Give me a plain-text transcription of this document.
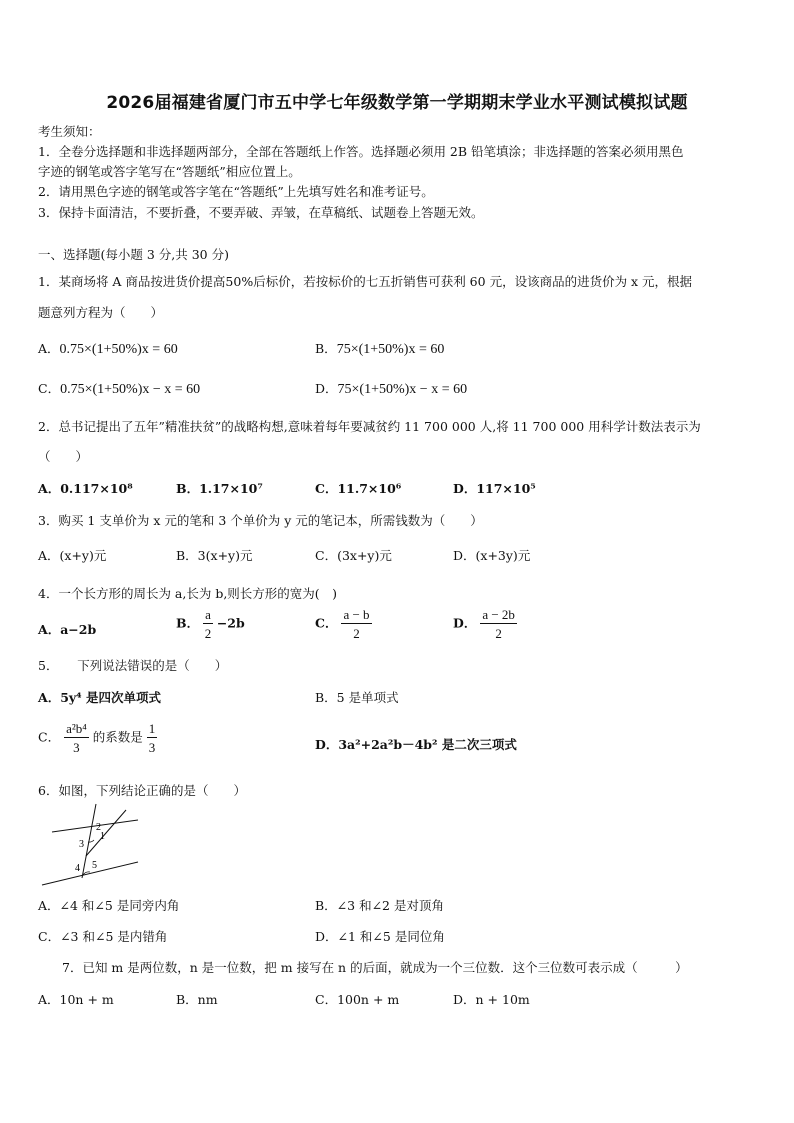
2026届福建省厦门市五中学七年级数学第一学期期末学业水平测试模拟试题
考生须知：
1．全卷分选择题和非选择题两部分，全部在答题纸上作答。选择题必须用 2B 铅笔填涂；非选择题的答案必须用黑色
字迹的钢笔或答字笔写在“答题纸”相应位置上。
2．请用黑色字迹的钢笔或答字笔在“答题纸”上先填写姓名和准考证号。
3．保持卡面清洁，不要折叠，不要弄破、弄皱，在草稿纸、试题卷上答题无效。
一、选择题(每小题 3 分,共 30 分)
1．某商场将 A 商品按进货价提高50%后标价，若按标价的七五折销售可获利 60 元，设该商品的进货价为 x 元，根据
题意列方程为（　　）
A．0.75×(1+50%)x = 60	B．75×(1+50%)x = 60
C．0.75×(1+50%)x − x = 60	D．75×(1+50%)x − x = 60
2．总书记提出了五年”精准扶贫”的战略构想,意味着每年要减贫约 11 700 000 人,将 11 700 000 用科学计数法表示为
（　　）
A．0.117×10⁸	B．1.17×10⁷	C．11.7×10⁶	D．117×10⁵
3．购买 1 支单价为 x 元的笔和 3 个单价为 y 元的笔记本，所需钱数为（　　）
A．(x+y)元	B．3(x+y)元	C．(3x+y)元	D．(x+3y)元
4．一个长方形的周长为 a,长为 b,则长方形的宽为(　)
A．a−2b	B． $\frac{a}{2} -2b$	C． $\frac{a - b}{2}$	D． $\frac{a - 2b}{2}$
5．　　下列说法错误的是（　　）
A．5y⁴ 是四次单项式	B．5 是单项式
C． $\frac{\text{a²b⁴}}{3}$ 的系数是 $\frac{1}{3}$	D．3a²+2a²b－4b² 是二次三项式
6．如图，下列结论正确的是（　　）
2
1
3
4 5
A．∠4 和∠5 是同旁内角	B．∠3 和∠2 是对顶角
C．∠3 和∠5 是内错角	D．∠1 和∠5 是同位角
7．已知 m 是两位数，n 是一位数，把 m 接写在 n 的后面，就成为一个三位数．这个三位数可表示成（　　　）
A．10n + m	B．nm	C．100n + m	D．n + 10m
